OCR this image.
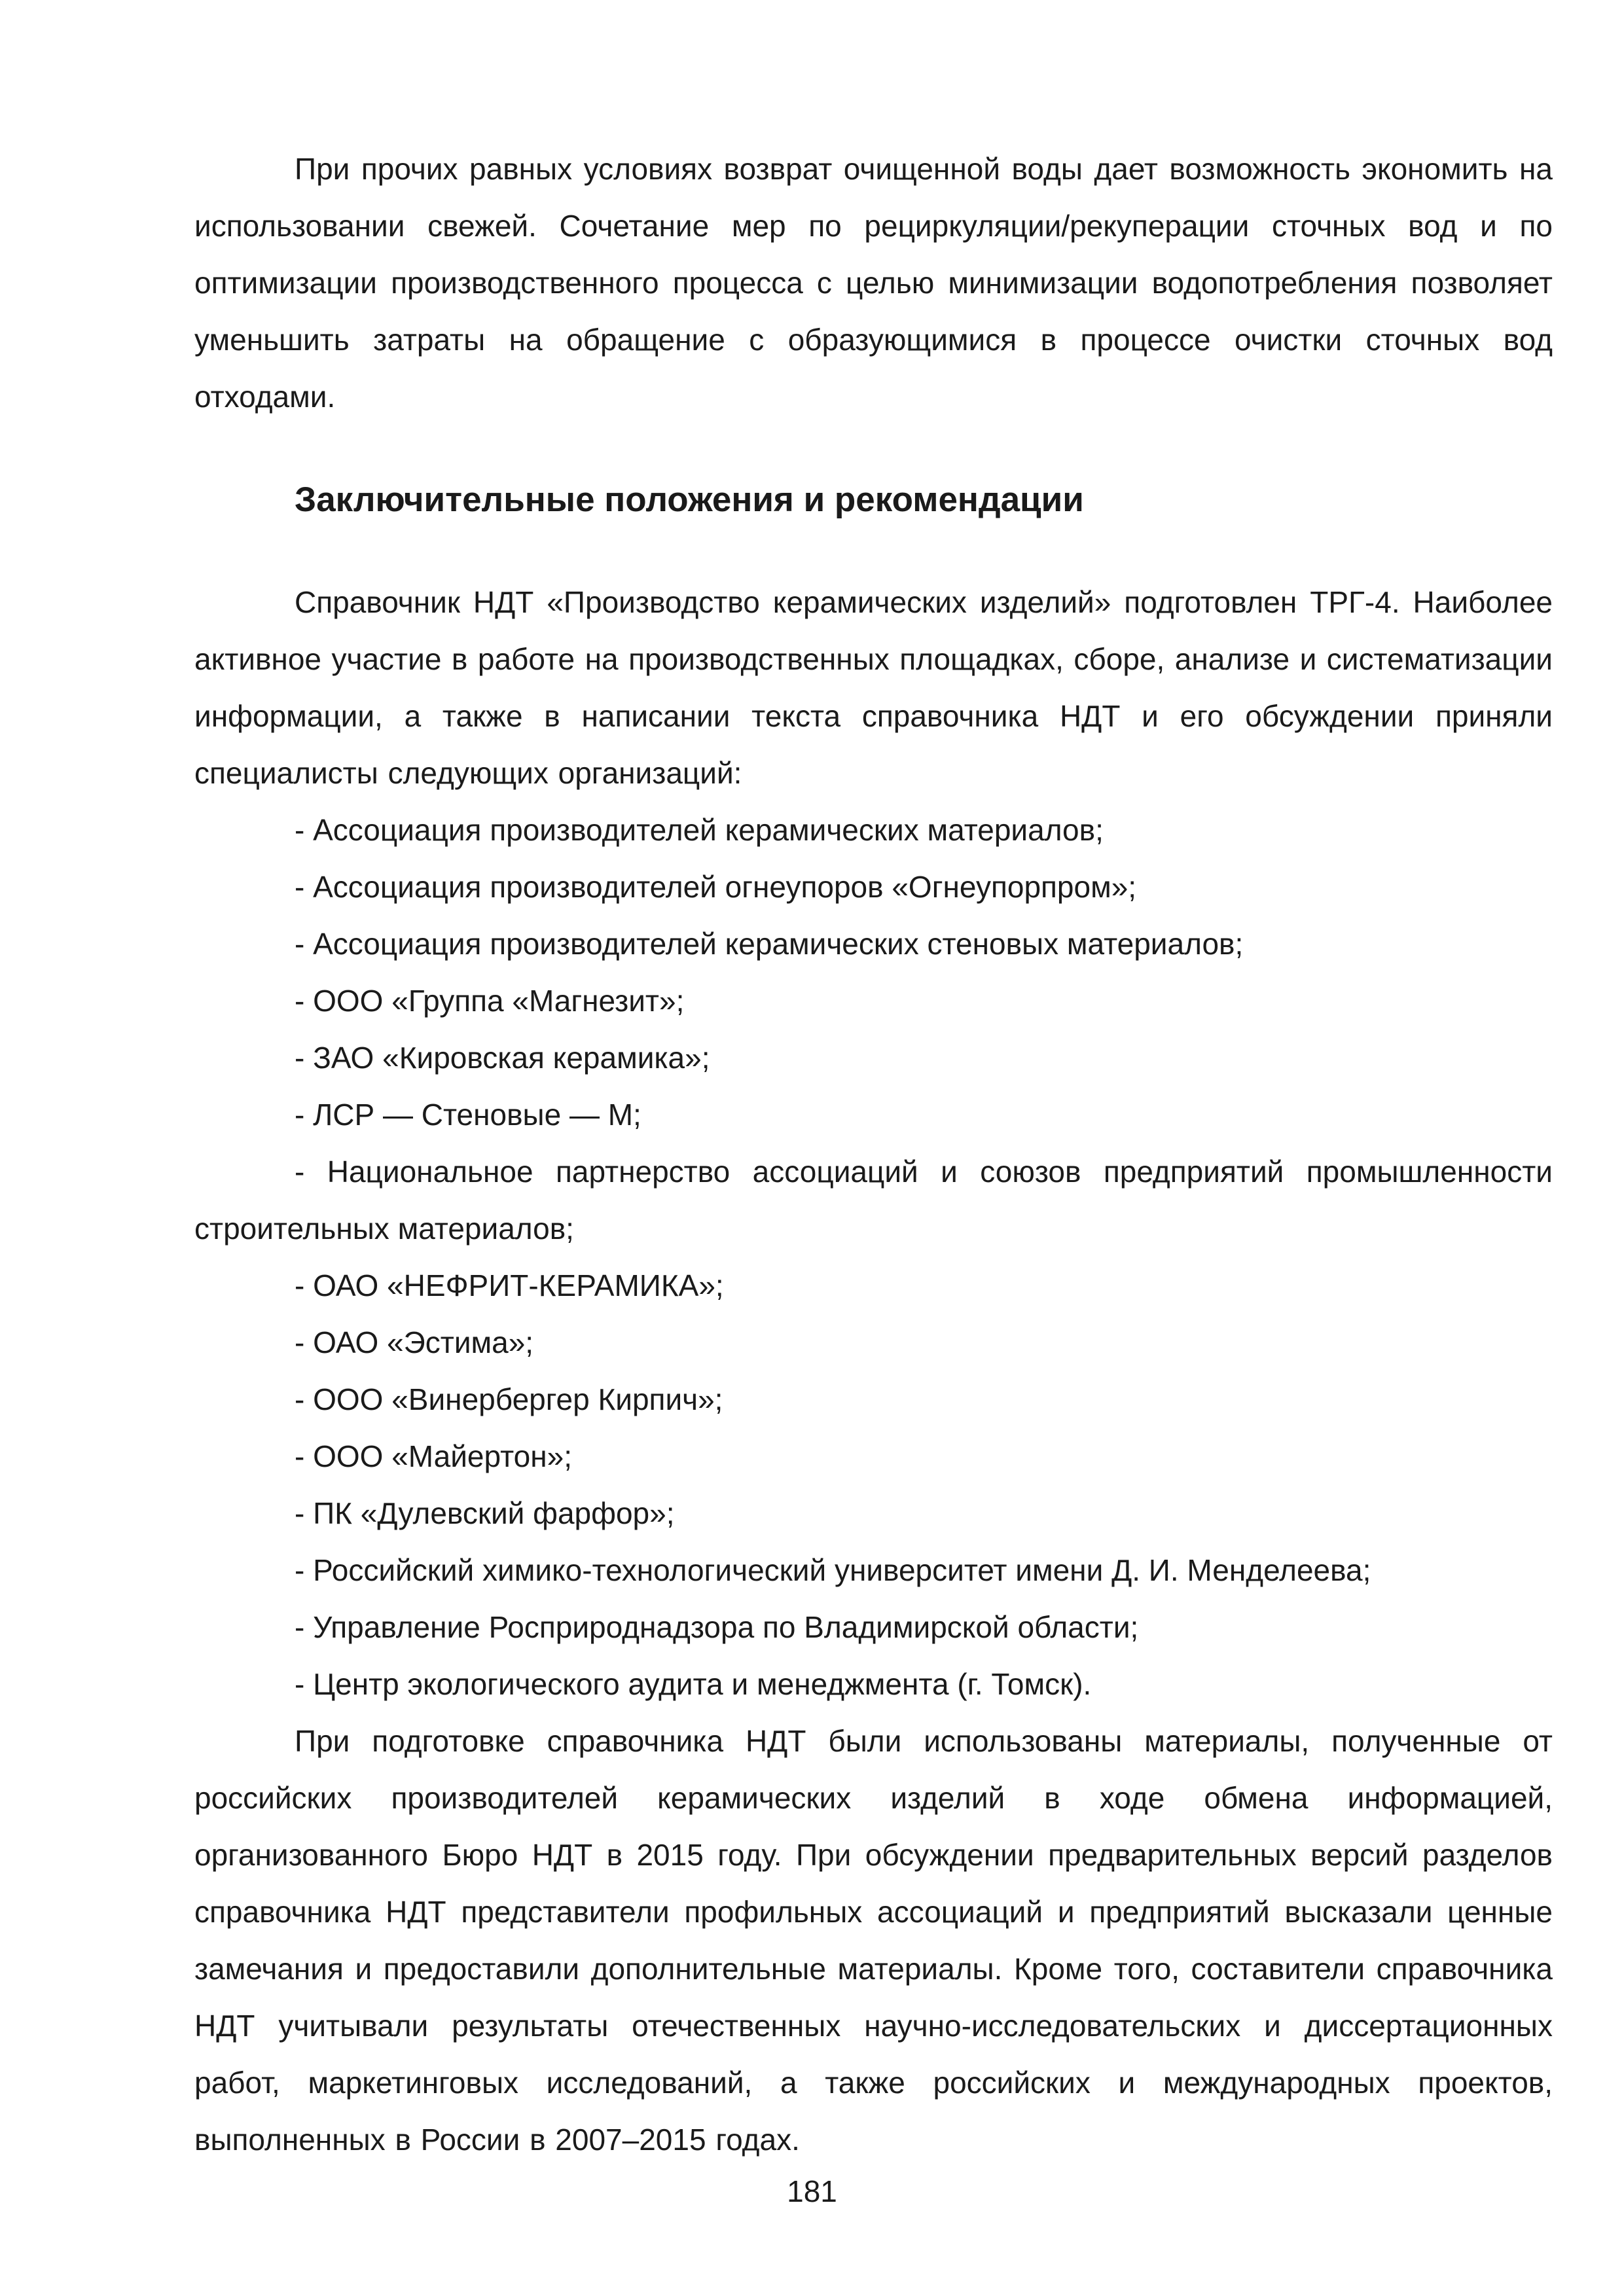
При прочих равных условиях возврат очищенной воды дает возможность экономить на использовании свежей. Сочетание мер по рециркуляции/рекуперации сточных вод и по оптимизации производственного процесса с целью минимизации водопотребления позволяет уменьшить затраты на обращение с образующимися в процессе очистки сточных вод отходами.

Заключительные положения и рекомендации

Справочник НДТ «Производство керамических изделий» подготовлен ТРГ-4. Наиболее активное участие в работе на производственных площадках, сборе, анализе и систематизации информации, а также в написании текста справочника НДТ и его обсуждении приняли специалисты следующих организаций:

- Ассоциация производителей керамических материалов;
- Ассоциация производителей огнеупоров «Огнеупорпром»;
- Ассоциация производителей керамических стеновых материалов;
- ООО «Группа «Магнезит»;
- ЗАО «Кировская керамика»;
- ЛСР — Стеновые — М;
- Национальное партнерство ассоциаций и союзов предприятий промышленности строительных материалов;
- ОАО «НЕФРИТ-КЕРАМИКА»;
- ОАО «Эстима»;
- ООО «Винербергер Кирпич»;
- ООО «Майертон»;
- ПК «Дулевский фарфор»;
- Российский химико-технологический университет имени Д. И. Менделеева;
- Управление Росприроднадзора по Владимирской области;
- Центр экологического аудита и менеджмента (г. Томск).

При подготовке справочника НДТ были использованы материалы, полученные от российских производителей керамических изделий в ходе обмена информацией, организованного Бюро НДТ в 2015 году. При обсуждении предварительных версий разделов справочника НДТ представители профильных ассоциаций и предприятий высказали ценные замечания и предоставили дополнительные материалы. Кроме того, составители справочника НДТ учитывали результаты отечественных научно-исследовательских и диссертационных работ, маркетинговых исследований, а также российских и международных проектов, выполненных в России в 2007–2015 годах.

181
